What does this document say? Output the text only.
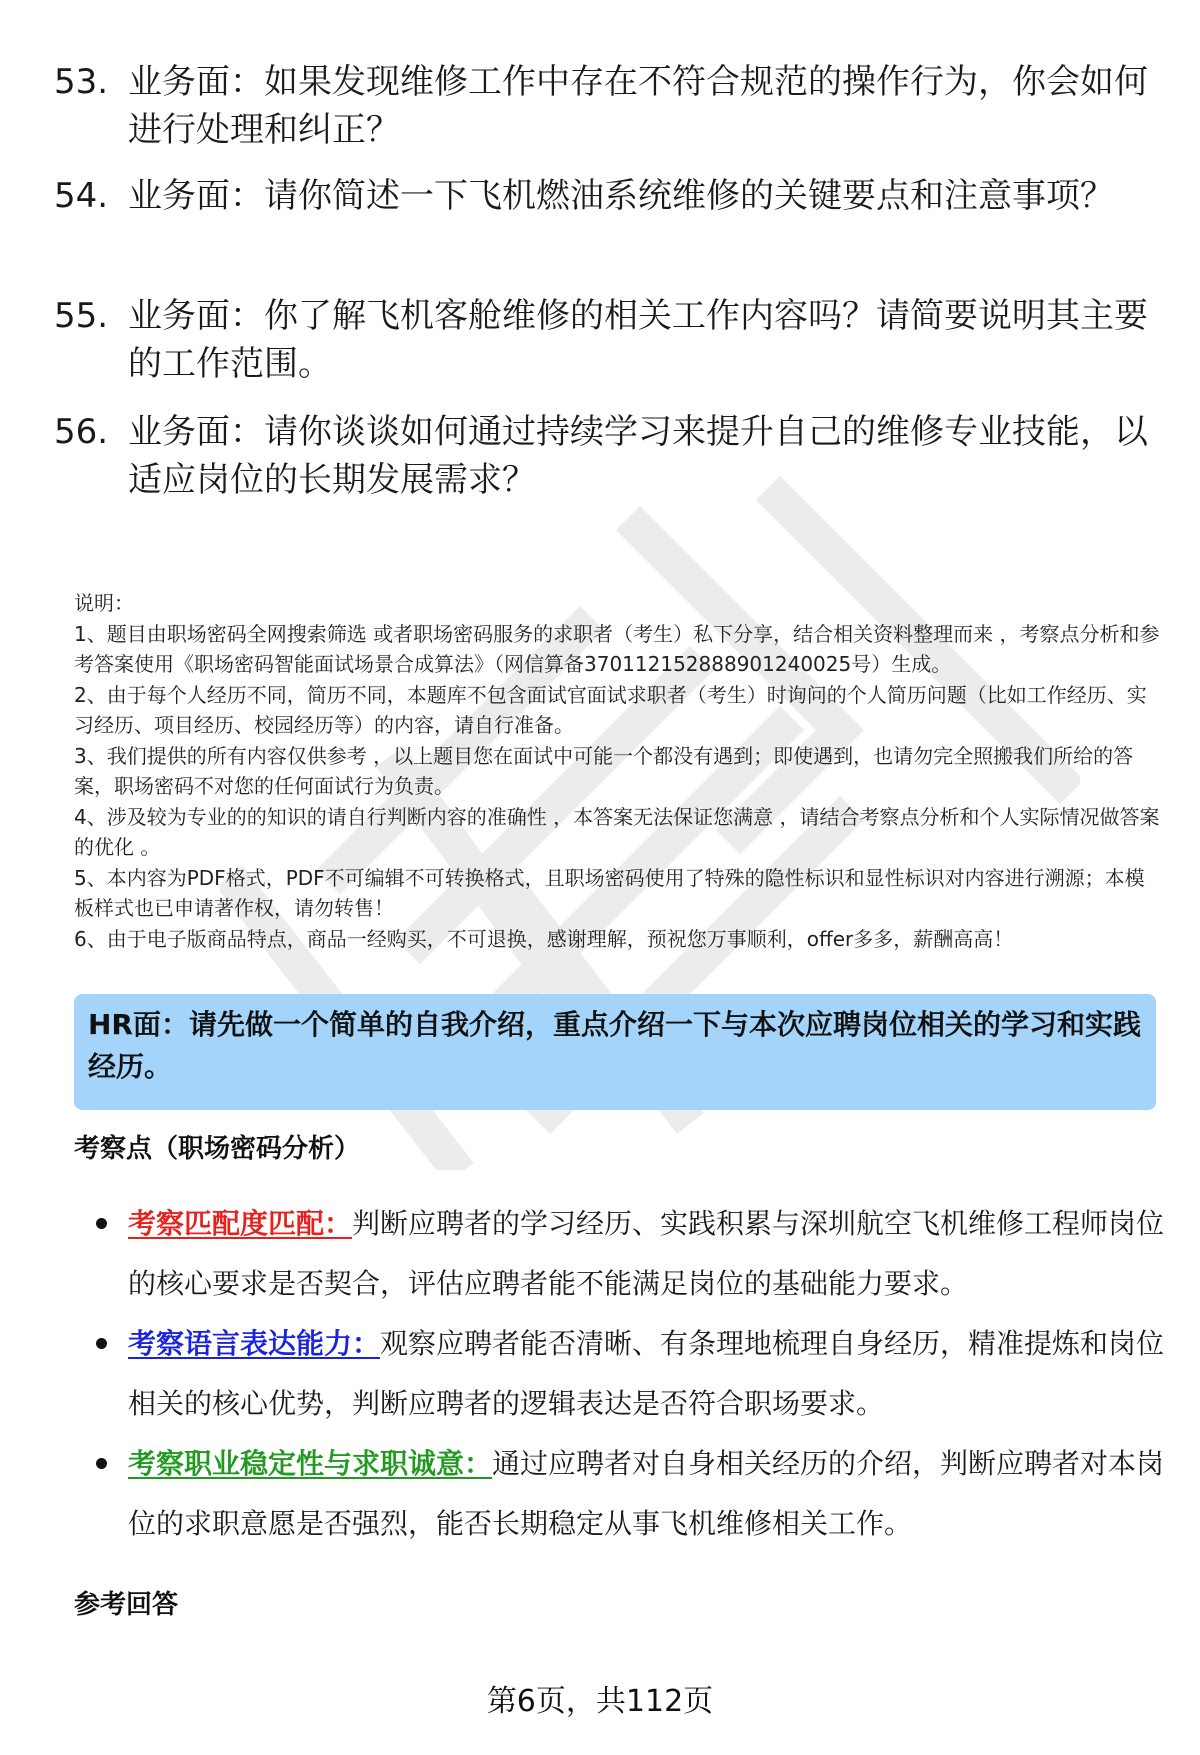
53. 业务面：如果发现维修工作中存在不符合规范的操作行为，你会如何进行处理和纠正？
54. 业务面：请你简述一下飞机燃油系统维修的关键要点和注意事项？
55. 业务面：你了解飞机客舱维修的相关工作内容吗？请简要说明其主要的工作范围。
56. 业务面：请你谈谈如何通过持续学习来提升自己的维修专业技能，以适应岗位的长期发展需求？

说明：

1、题目由职场密码全网搜索筛选 或者职场密码服务的求职者（考生）私下分享，结合相关资料整理而来 ，考察点分析和参考答案使用《职场密码智能面试场景合成算法》（网信算备370112152888901240025号）生成。

2、由于每个人经历不同，简历不同，本题库不包含面试官面试求职者（考生）时询问的个人简历问题（比如工作经历、实习经历、项目经历、校园经历等）的内容，请自行准备。

3、我们提供的所有内容仅供参考 ，以上题目您在面试中可能一个都没有遇到；即使遇到，也请勿完全照搬我们所给的答案，职场密码不对您的任何面试行为负责。

4、涉及较为专业的的知识的请自行判断内容的准确性 ，本答案无法保证您满意 ，请结合考察点分析和个人实际情况做答案的优化 。

5、本内容为PDF格式，PDF不可编辑不可转换格式，且职场密码使用了特殊的隐性标识和显性标识对内容进行溯源；本模板样式也已申请著作权，请勿转售！

6、由于电子版商品特点，商品一经购买，不可退换，感谢理解，预祝您万事顺利，offer多多，薪酬高高！

HR面：请先做一个简单的自我介绍，重点介绍一下与本次应聘岗位相关的学习和实践经历。
考察点（职场密码分析）
考察匹配度匹配：判断应聘者的学习经历、实践积累与深圳航空飞机维修工程师岗位的核心要求是否契合，评估应聘者能不能满足岗位的基础能力要求。
考察语言表达能力：观察应聘者能否清晰、有条理地梳理自身经历，精准提炼和岗位相关的核心优势，判断应聘者的逻辑表达是否符合职场要求。
考察职业稳定性与求职诚意：通过应聘者对自身相关经历的介绍，判断应聘者对本岗位的求职意愿是否强烈，能否长期稳定从事飞机维修相关工作。
参考回答
第6页，共112页
